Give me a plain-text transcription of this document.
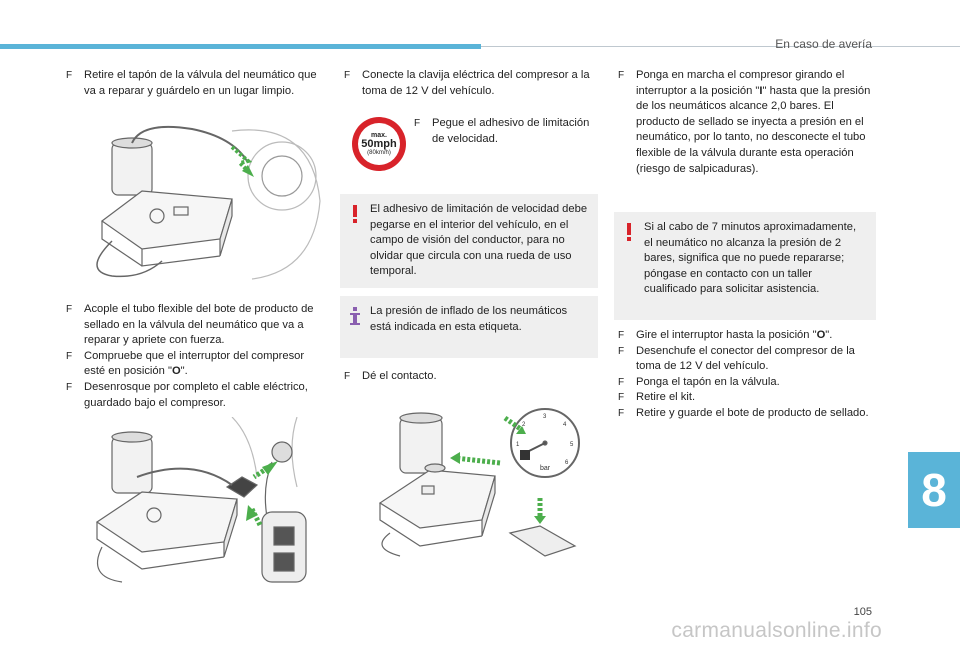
En caso de avería

F Retire el tapón de la válvula del neumático que va a reparar y guárdelo en un lugar limpio.

F Acople el tubo flexible del bote de producto de sellado en la válvula del neumático que va a reparar y apriete con fuerza.

F Compruebe que el interruptor del compresor esté en posición "O".

F Desenrosque por completo el cable eléctrico, guardado bajo el compresor.

F Conecte la clavija eléctrica del compresor a la toma de 12 V del vehículo.

max.
50mph
(80km/h)

F Pegue el adhesivo de limitación de velocidad.

El adhesivo de limitación de velocidad debe pegarse en el interior del vehículo, en el campo de visión del conductor, para no olvidar que circula con una rueda de uso temporal.

La presión de inflado de los neumáticos está indicada en esta etiqueta.

F Dé el contacto.

bar
1
2
3
4
5
6

F Ponga en marcha el compresor girando el interruptor a la posición "I" hasta que la presión de los neumáticos alcance 2,0 bares. El producto de sellado se inyecta a presión en el neumático, por lo tanto, no desconecte el tubo flexible de la válvula durante esta operación (riesgo de salpicaduras).

Si al cabo de 7 minutos aproximadamente, el neumático no alcanza la presión de 2 bares, significa que no puede repararse; póngase en contacto con un taller cualificado para solicitar asistencia.

F Gire el interruptor hasta la posición "O".

F Desenchufe el conector del compresor de la toma de 12 V del vehículo.

F Ponga el tapón en la válvula.

F Retire el kit.

F Retire y guarde el bote de producto de sellado.

8
105
carmanualsonline.info
